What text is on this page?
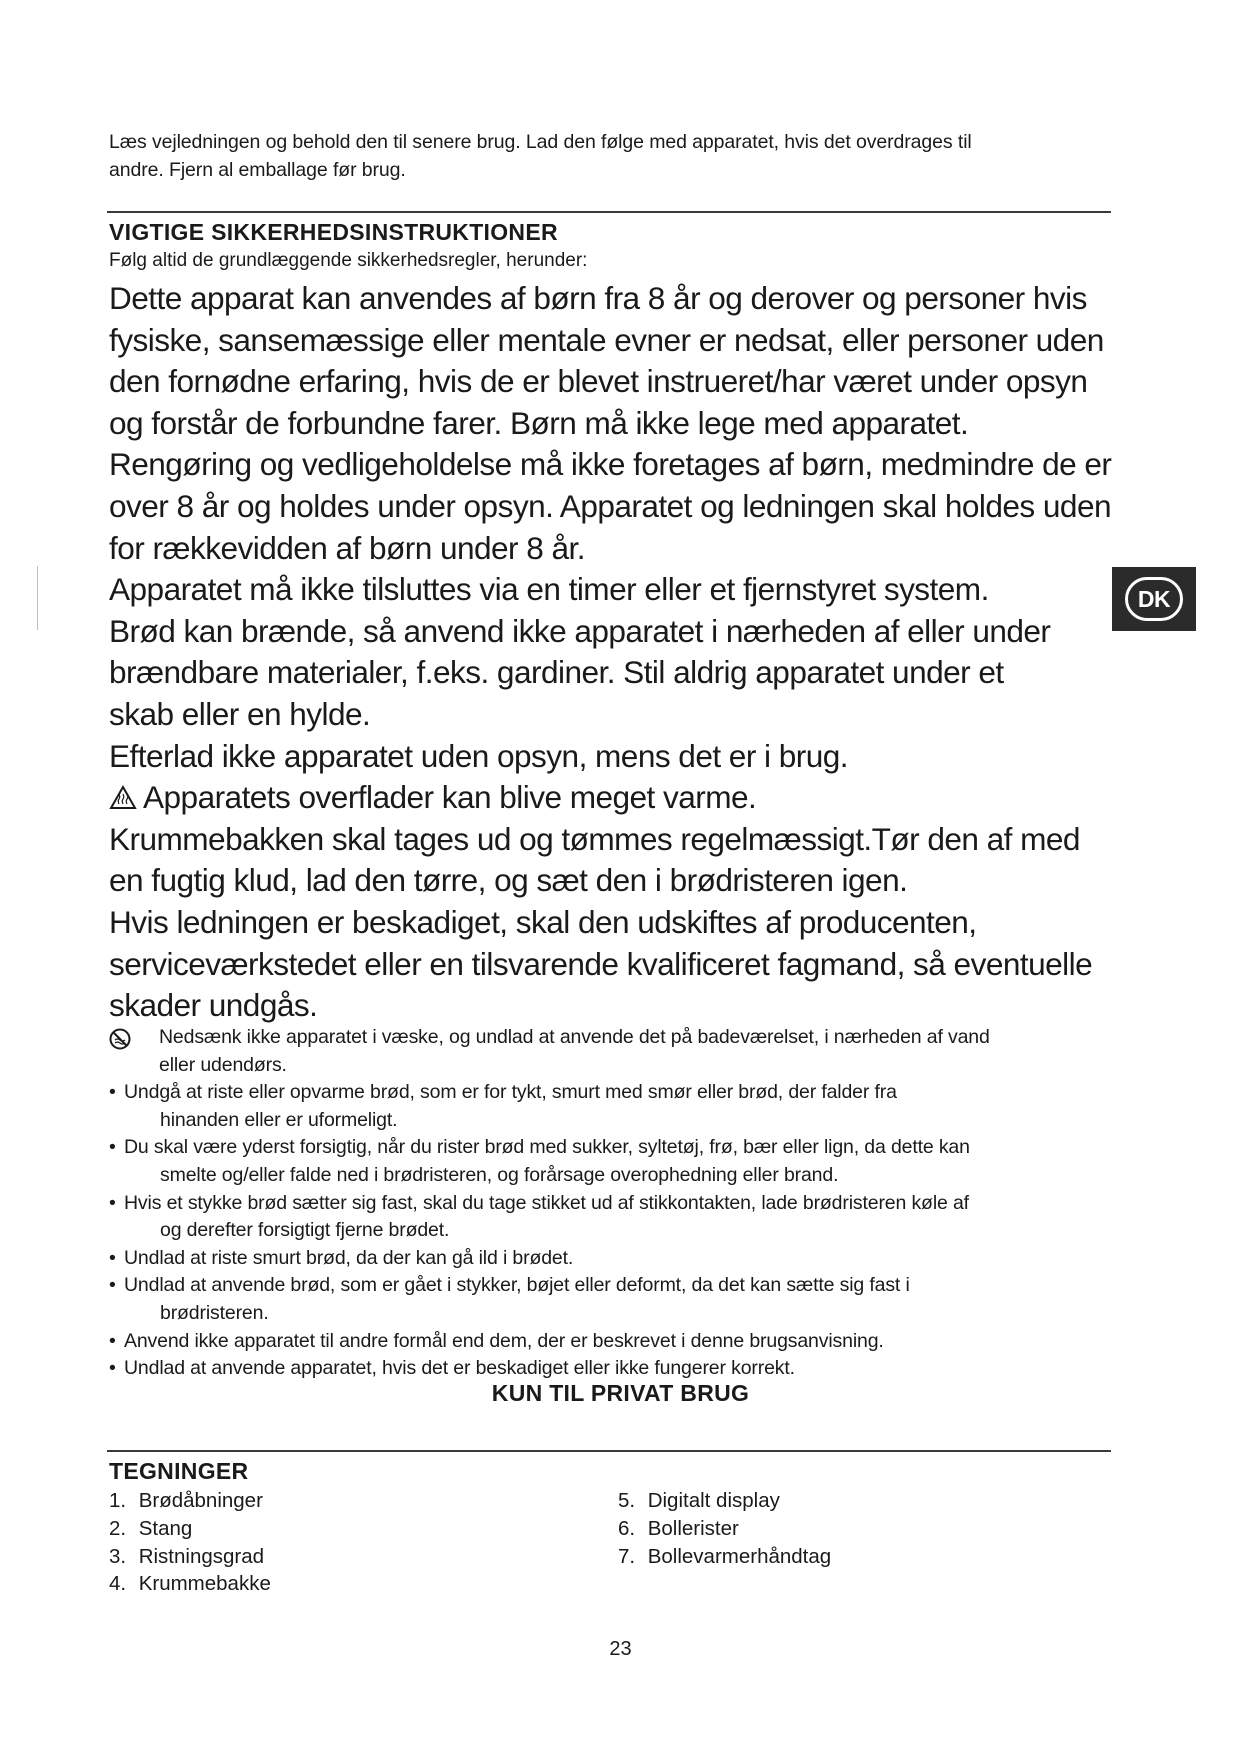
Læs vejledningen og behold den til senere brug. Lad den følge med apparatet, hvis det overdrages til
andre. Fjern al emballage før brug.
VIGTIGE SIKKERHEDSINSTRUKTIONER
Følg altid de grundlæggende sikkerhedsregler, herunder:

Dette apparat kan anvendes af børn fra 8 år og derover og personer hvis fysiske, sansemæssige eller mentale evner er nedsat, eller personer uden den fornødne erfaring, hvis de er blevet instrueret/har været under opsyn og forstår de forbundne farer. Børn må ikke lege med apparatet. Rengøring og vedligeholdelse må ikke foretages af børn, medmindre de er over 8 år og holdes under opsyn. Apparatet og ledningen skal holdes uden for rækkevidden af børn under 8 år.

Apparatet må ikke tilsluttes via en timer eller et fjernstyret system.

Brød kan brænde, så anvend ikke apparatet i nærheden af eller under brændbare materialer, f.eks. gardiner. Stil aldrig apparatet under et skab eller en hylde.

Efterlad ikke apparatet uden opsyn, mens det er i brug.

Apparatets overflader kan blive meget varme.

Krummebakken skal tages ud og tømmes regelmæssigt.Tør den af med en fugtig klud, lad den tørre, og sæt den i brødristeren igen.

Hvis ledningen er beskadiget, skal den udskiftes af producenten, serviceværkstedet eller en tilsvarende kvalificeret fagmand, så eventuelle skader undgås.

DK
Nedsænk ikke apparatet i væske, og undlad at anvende det på badeværelset, i nærheden af vand
eller udendørs.
• Undgå at riste eller opvarme brød, som er for tykt, smurt med smør eller brød, der falder fra
hinanden eller er uformeligt.
• Du skal være yderst forsigtig, når du rister brød med sukker, syltetøj, frø, bær eller lign, da dette kan
smelte og/eller falde ned i brødristeren, og forårsage overophedning eller brand.
• Hvis et stykke brød sætter sig fast, skal du tage stikket ud af stikkontakten, lade brødristeren køle af
og derefter forsigtigt fjerne brødet.
• Undlad at riste smurt brød, da der kan gå ild i brødet.
• Undlad at anvende brød, som er gået i stykker, bøjet eller deformt, da det kan sætte sig fast i
brødristeren.
• Anvend ikke apparatet til andre formål end dem, der er beskrevet i denne brugsanvisning.
• Undlad at anvende apparatet, hvis det er beskadiget eller ikke fungerer korrekt.
KUN TIL PRIVAT BRUG
TEGNINGER
1. Brødåbninger
2. Stang
3. Ristningsgrad
4. Krummebakke
5. Digitalt display
6. Bollerister
7. Bollevarmerhåndtag
23
